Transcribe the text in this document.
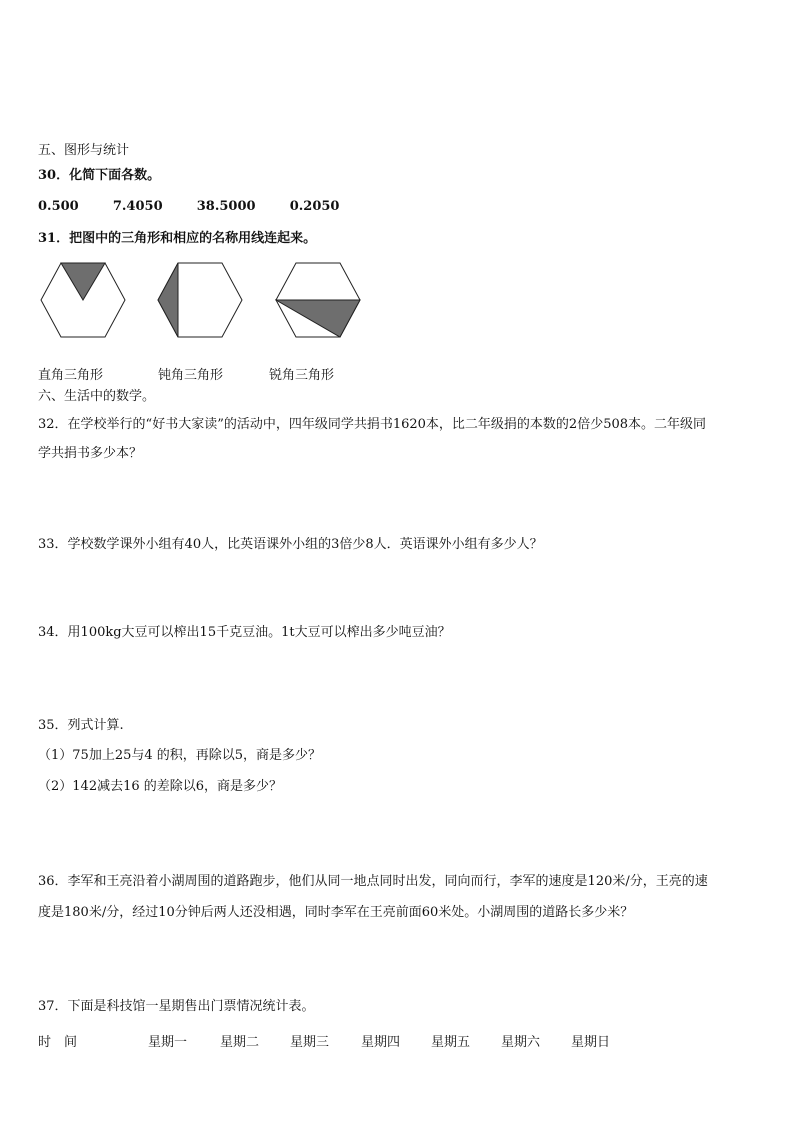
五、图形与统计
30．化简下面各数。
0.500	7.4050	38.5000	0.2050
31．把图中的三角形和相应的名称用线连起来。
直角三角形	钝角三角形	锐角三角形
六、生活中的数学。
32．在学校举行的“好书大家读”的活动中，四年级同学共捐书1620本，比二年级捐的本数的2倍少508本。二年级同
学共捐书多少本？
33．学校数学课外小组有40人，比英语课外小组的3倍少8人．英语课外小组有多少人？
34．用100kg大豆可以榨出15千克豆油。1t大豆可以榨出多少吨豆油？
35．列式计算.
（1）75加上25与4 的积，再除以5，商是多少？
（2）142减去16 的差除以6，商是多少？
36．李军和王亮沿着小湖周围的道路跑步，他们从同一地点同时出发，同向而行，李军的速度是120米/分，王亮的速
度是180米/分，经过10分钟后两人还没相遇，同时李军在王亮前面60米处。小湖周围的道路长多少米？
37．下面是科技馆一星期售出门票情况统计表。
时　间	星期一	星期二 星期三 星期四 星期五 星期六 星期日
